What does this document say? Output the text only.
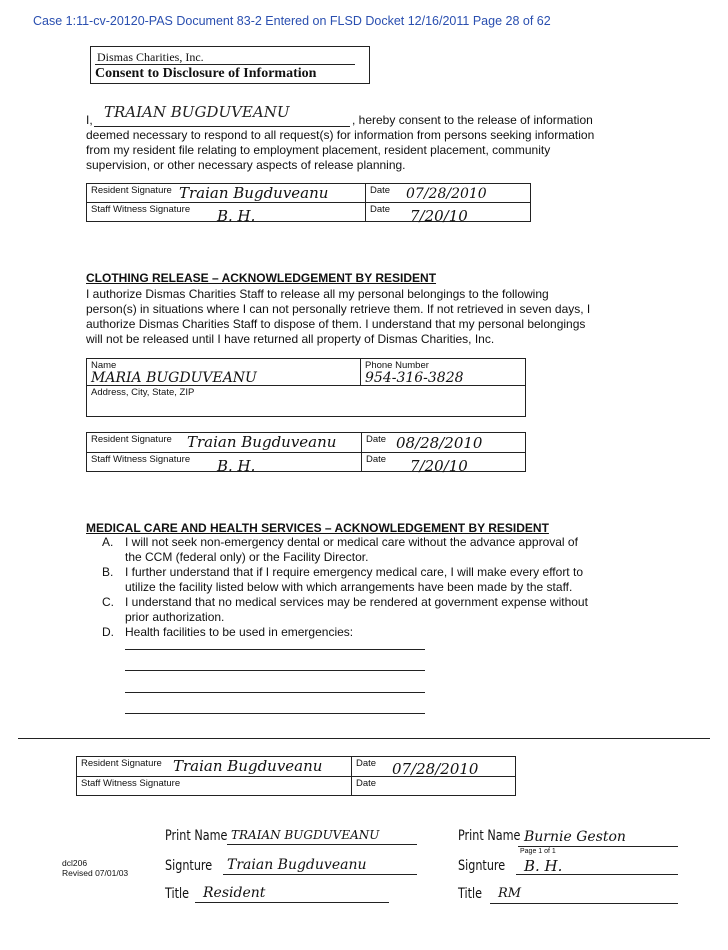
Case 1:11-cv-20120-PAS Document 83-2 Entered on FLSD Docket 12/16/2011 Page 28 of 62
Dismas Charities, Inc.
Consent to Disclosure of Information
I, TRAIAN BUGDUVEANU	, hereby consent to the release of information
deemed necessary to respond to all request(s) for information from persons seeking information
from my resident file relating to employment placement, resident placement, community
supervision, or other necessary aspects of release planning.
Resident Signature Traian Bugduveanu	Date 07/28/2010

Staff Witness Signature B. H.	Date 7/20/10
CLOTHING RELEASE – ACKNOWLEDGEMENT BY RESIDENT
I authorize Dismas Charities Staff to release all my personal belongings to the following
person(s) in situations where I can not personally retrieve them. If not retrieved in seven days, I
authorize Dismas Charities Staff to dispose of them. I understand that my personal belongings
will not be released until I have returned all property of Dismas Charities, Inc.
Name
MARIA BUGDUVEANU
	Phone Number
954-316-3828

Address, City, State, ZIP
Resident Signature Traian Bugduveanu	Date 08/28/2010

Staff Witness Signature B. H.	Date 7/20/10
MEDICAL CARE AND HEALTH SERVICES – ACKNOWLEDGEMENT BY RESIDENT
A. I will not seek non-emergency dental or medical care without the advance approval of
the CCM (federal only) or the Facility Director.
B. I further understand that if I require emergency medical care, I will make every effort to
utilize the facility listed below with which arrangements have been made by the staff.
C. I understand that no medical services may be rendered at government expense without
prior authorization.
D. Health facilities to be used in emergencies:
Resident Signature Traian Bugduveanu	Date 07/28/2010

Staff Witness Signature	Date
dcl206
Revised 07/01/03
Print Name TRAIAN BUGDUVEANU
Signture Traian Bugduveanu
Title Resident
Print Name Burnie Geston
Signture B. H.
Page 1 of 1
Title RM
